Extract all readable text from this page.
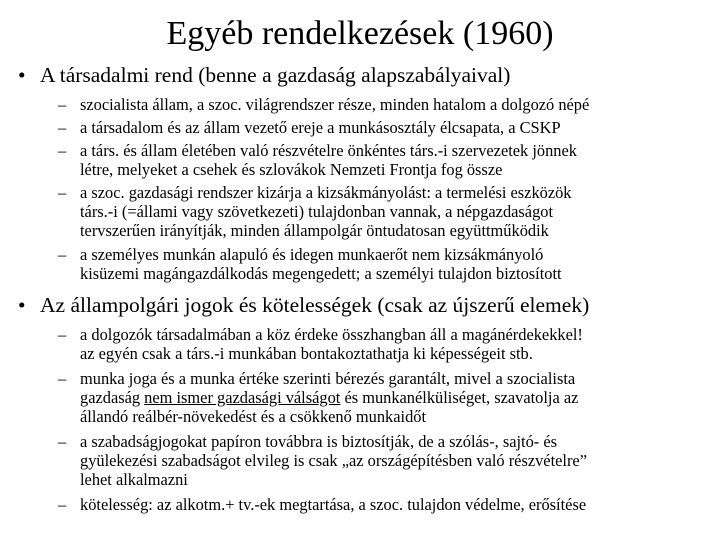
Egyéb rendelkezések (1960)
• A társadalmi rend (benne a gazdaság alapszabályaival)
– szocialista állam, a szoc. világrendszer része, minden hatalom a dolgozó népé
– a társadalom és az állam vezető ereje a munkásosztály élcsapata, a CSKP
– a társ. és állam életében való részvételre önkéntes társ.-i szervezetek jönnek
létre, melyeket a csehek és szlovákok Nemzeti Frontja fog össze
– a szoc. gazdasági rendszer kizárja a kizsákmányolást: a termelési eszközök
társ.-i (=állami vagy szövetkezeti) tulajdonban vannak, a népgazdaságot
tervszerűen irányítják, minden állampolgár öntudatosan együttműködik
– a személyes munkán alapuló és idegen munkaerőt nem kizsákmányoló
kisüzemi magángazdálkodás megengedett; a személyi tulajdon biztosított
• Az állampolgári jogok és kötelességek (csak az újszerű elemek)
– a dolgozók társadalmában a köz érdeke összhangban áll a magánérdekekkel!
az egyén csak a társ.-i munkában bontakoztathatja ki képességeit stb.
– munka joga és a munka értéke szerinti bérezés garantált, mivel a szocialista
gazdaság nem ismer gazdasági válságot és munkanélküliséget, szavatolja az
állandó reálbér-növekedést és a csökkenő munkaidőt
– a szabadságjogokat papíron továbbra is biztosítják, de a szólás-, sajtó- és
gyülekezési szabadságot elvileg is csak „az országépítésben való részvételre”
lehet alkalmazni
– kötelesség: az alkotm.+ tv.-ek megtartása, a szoc. tulajdon védelme, erősítése
